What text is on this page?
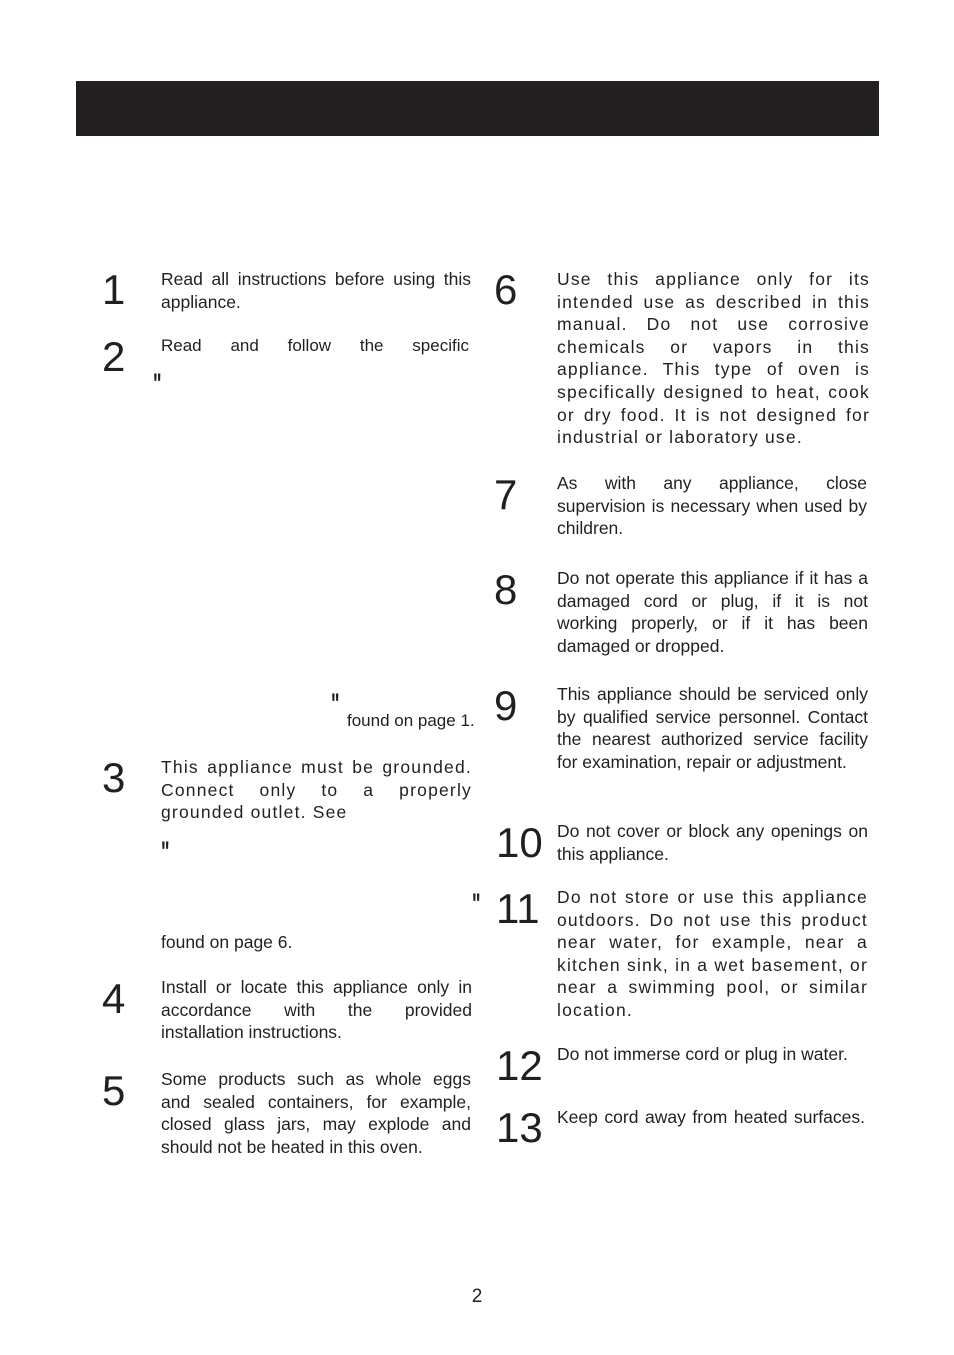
1 Read all instructions before using this appliance.

2 Read and follow the specific

"
" found on page 1.

3 This appliance must be grounded. Connect only to a properly grounded outlet. See

"
"

found on page 6.

4 Install or locate this appliance only in accordance with the provided installation instructions.

5 Some products such as whole eggs and sealed containers, for example, closed glass jars, may explode and should not be heated in this oven.

6 Use this appliance only for its intended use as described in this manual. Do not use corrosive chemicals or vapors in this appliance. This type of oven is specifically designed to heat, cook or dry food. It is not designed for industrial or laboratory use.

7 As with any appliance, close supervision is necessary when used by children.

8 Do not operate this appliance if it has a damaged cord or plug, if it is not working properly, or if it has been damaged or dropped.

9 This appliance should be serviced only by qualified service personnel. Contact the nearest authorized service facility for examination, repair or adjustment.

10 Do not cover or block any openings on this appliance.

11 Do not store or use this appliance outdoors. Do not use this product near water, for example, near a kitchen sink, in a wet basement, or near a swimming pool, or similar location.

12 Do not immerse cord or plug in water.

13 Keep cord away from heated surfaces.

2
